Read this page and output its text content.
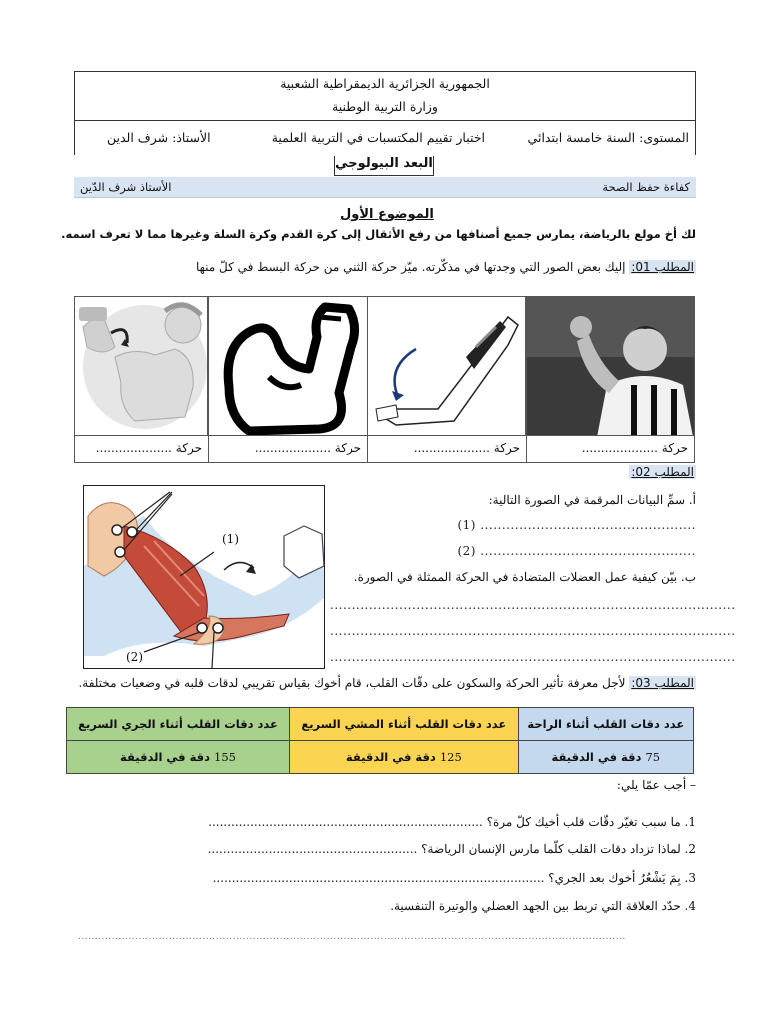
الجمهورية الجزائرية الديمقراطية الشعبية
وزارة التربية الوطنية
المستوى: السنة خامسة ابتدائي
اختبار تقييم المكتسبات في التربية العلمية
الأستاذ: شرف الدين
البعد البيولوجي
كفاءة حفظ الصحة
الأستاذ شرف الدّين
الموضوع الأول
لك أخ مولع بالرياضة، يمارس جميع أصنافها من رفع الأثقال إلى كرة القدم وكرة السلة وغيرها مما لا تعرف اسمه.
المطلب 01: إليك بعض الصور التي وجدتها في مذكّرته. ميّز حركة الثني من حركة البسط في كلّ منها
حركة ....................
حركة ....................
حركة ....................
حركة ....................
المطلب 02:
(1)
(2)
أ. سمِّ البيانات المرقمة في الصورة التالية:
(1) ..................................................
(2) ..................................................
ب. بيّن كيفية عمل العضلات المتضادة في الحركة الممثلة في الصورة.
..............................................................................................
..............................................................................................
..............................................................................................
المطلب 03: لأجل معرفة تأثير الحركة والسكون على دقّات القلب، قام أخوك بقياس تقريبي لدقات قلبه في وضعيات مختلفة.
عدد دقات القلب أثناء الجري السريع	عدد دقات القلب أثناء المشي السريع	عدد دقات القلب أثناء الراحة
155 دقة في الدقيقة	125 دقة في الدقيقة	75 دقة في الدقيقة
– أجب عمّا يلي:
1. ما سبب تغيّر دقّات قلب أخيك كلّ مرة؟ ........................................................................
2. لماذا تزداد دقات القلب كلّما مارس الإنسان الرياضة؟ .......................................................
3. بِمَ يَشْعُرُ أخوك بعد الجري؟ .......................................................................................
4. حدّد العلاقة التي تربط بين الجهد العضلي والوتيرة التنفسية.
...................................................................................................................................................................
